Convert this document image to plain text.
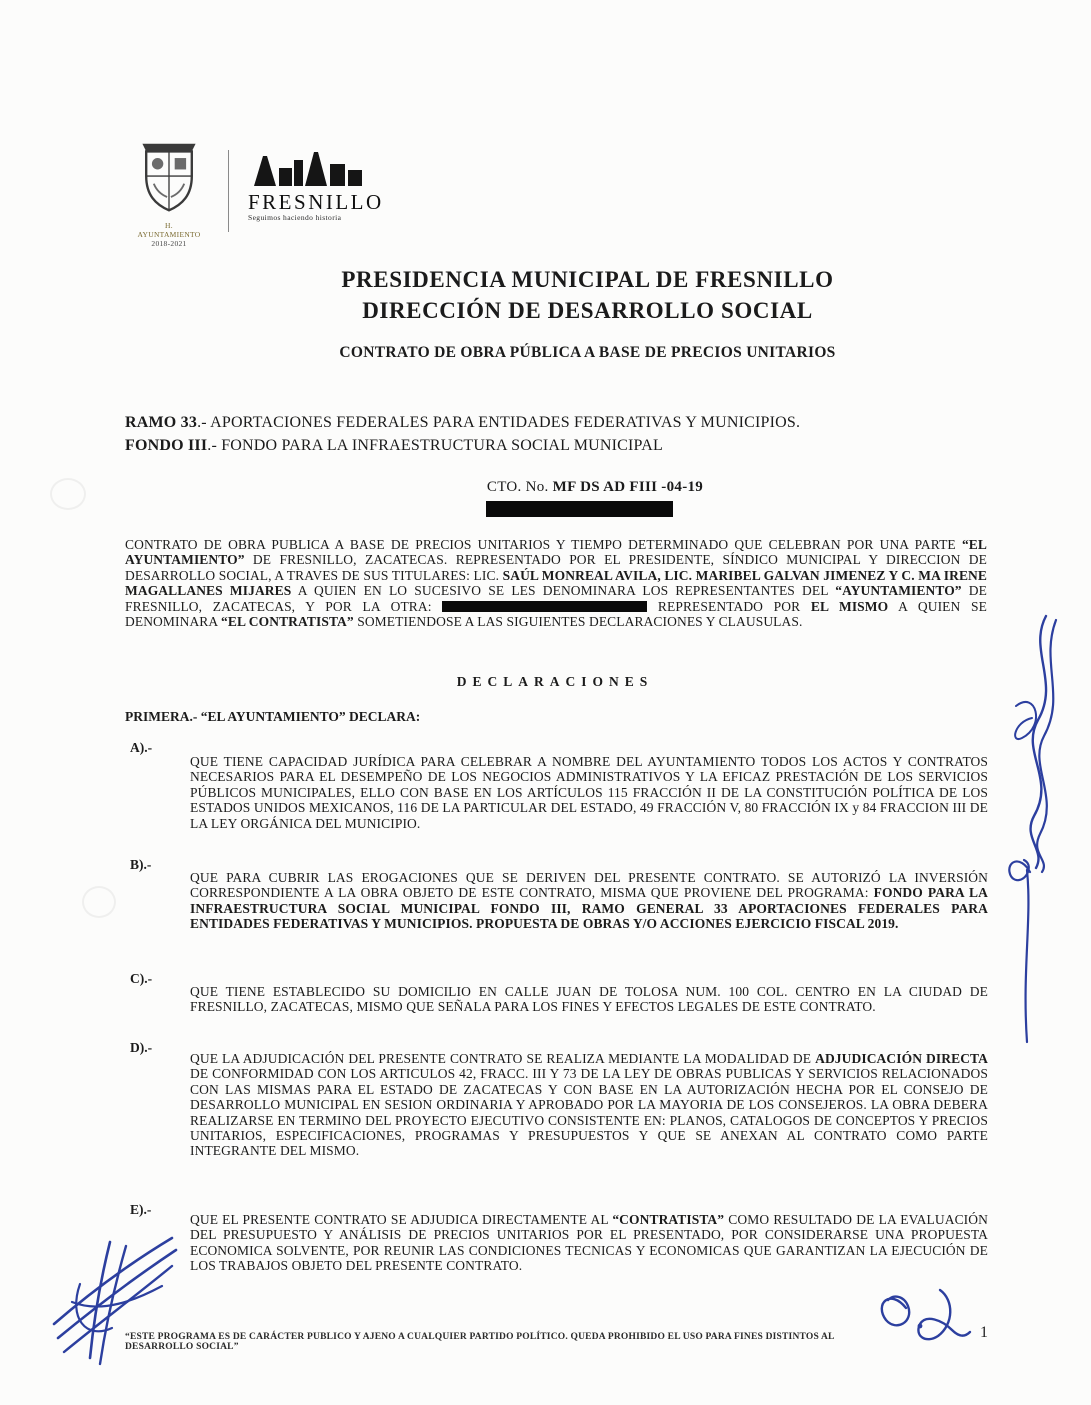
H. AYUNTAMIENTO
2018-2021
FRESNILLO
Seguimos haciendo historia
PRESIDENCIA MUNICIPAL DE FRESNILLO
DIRECCIÓN DE DESARROLLO SOCIAL
CONTRATO DE OBRA PÚBLICA A BASE DE PRECIOS UNITARIOS
RAMO 33.- APORTACIONES FEDERALES PARA ENTIDADES FEDERATIVAS Y MUNICIPIOS.
FONDO III.- FONDO PARA LA INFRAESTRUCTURA SOCIAL MUNICIPAL
CTO. No. MF DS AD FIII -04-19
CONTRATO DE OBRA PUBLICA A BASE DE PRECIOS UNITARIOS Y TIEMPO DETERMINADO QUE CELEBRAN POR UNA PARTE “EL AYUNTAMIENTO” DE FRESNILLO, ZACATECAS. REPRESENTADO POR EL PRESIDENTE, SÍNDICO MUNICIPAL Y DIRECCION DE DESARROLLO SOCIAL, A TRAVES DE SUS TITULARES: LIC. SAÚL MONREAL AVILA, LIC. MARIBEL GALVAN JIMENEZ Y C. MA IRENE MAGALLANES MIJARES A QUIEN EN LO SUCESIVO SE LES DENOMINARA LOS REPRESENTANTES DEL “AYUNTAMIENTO” DE FRESNILLO, ZACATECAS, Y POR LA OTRA:	REPRESENTADO POR EL MISMO A QUIEN SE DENOMINARA “EL CONTRATISTA” SOMETIENDOSE A LAS SIGUIENTES DECLARACIONES Y CLAUSULAS.
DECLARACIONES
PRIMERA.- “EL AYUNTAMIENTO” DECLARA:
A).-
QUE TIENE CAPACIDAD JURÍDICA PARA CELEBRAR A NOMBRE DEL AYUNTAMIENTO TODOS LOS ACTOS Y CONTRATOS NECESARIOS PARA EL DESEMPEÑO DE LOS NEGOCIOS ADMINISTRATIVOS Y LA EFICAZ PRESTACIÓN DE LOS SERVICIOS PÚBLICOS MUNICIPALES, ELLO CON BASE EN LOS ARTÍCULOS 115 FRACCIÓN II DE LA CONSTITUCIÓN POLÍTICA DE LOS ESTADOS UNIDOS MEXICANOS, 116 DE LA PARTICULAR DEL ESTADO, 49 FRACCIÓN V, 80 FRACCIÓN IX y 84 FRACCION III DE LA LEY ORGÁNICA DEL MUNICIPIO.
B).-
QUE PARA CUBRIR LAS EROGACIONES QUE SE DERIVEN DEL PRESENTE CONTRATO. SE AUTORIZÓ LA INVERSIÓN CORRESPONDIENTE A LA OBRA OBJETO DE ESTE CONTRATO, MISMA QUE PROVIENE DEL PROGRAMA: FONDO PARA LA INFRAESTRUCTURA SOCIAL MUNICIPAL FONDO III, RAMO GENERAL 33 APORTACIONES FEDERALES PARA ENTIDADES FEDERATIVAS Y MUNICIPIOS. PROPUESTA DE OBRAS Y/O ACCIONES EJERCICIO FISCAL 2019.
C).-
QUE TIENE ESTABLECIDO SU DOMICILIO EN CALLE JUAN DE TOLOSA NUM. 100 COL. CENTRO EN LA CIUDAD DE FRESNILLO, ZACATECAS, MISMO QUE SEÑALA PARA LOS FINES Y EFECTOS LEGALES DE ESTE CONTRATO.
D).-
QUE LA ADJUDICACIÓN DEL PRESENTE CONTRATO SE REALIZA MEDIANTE LA MODALIDAD DE ADJUDICACIÓN DIRECTA DE CONFORMIDAD CON LOS ARTICULOS 42, FRACC. III Y 73 DE LA LEY DE OBRAS PUBLICAS Y SERVICIOS RELACIONADOS CON LAS MISMAS PARA EL ESTADO DE ZACATECAS Y CON BASE EN LA AUTORIZACIÓN HECHA POR EL CONSEJO DE DESARROLLO MUNICIPAL EN SESION ORDINARIA Y APROBADO POR LA MAYORIA DE LOS CONSEJEROS. LA OBRA DEBERA REALIZARSE EN TERMINO DEL PROYECTO EJECUTIVO CONSISTENTE EN: PLANOS, CATALOGOS DE CONCEPTOS Y PRECIOS UNITARIOS, ESPECIFICACIONES, PROGRAMAS Y PRESUPUESTOS Y QUE SE ANEXAN AL CONTRATO COMO PARTE INTEGRANTE DEL MISMO.
E).-
QUE EL PRESENTE CONTRATO SE ADJUDICA DIRECTAMENTE AL “CONTRATISTA” COMO RESULTADO DE LA EVALUACIÓN DEL PRESUPUESTO Y ANÁLISIS DE PRECIOS UNITARIOS POR EL PRESENTADO, POR CONSIDERARSE UNA PROPUESTA ECONOMICA SOLVENTE, POR REUNIR LAS CONDICIONES TECNICAS Y ECONOMICAS QUE GARANTIZAN LA EJECUCIÓN DE LOS TRABAJOS OBJETO DEL PRESENTE CONTRATO.
“ESTE PROGRAMA ES DE CARÁCTER PUBLICO Y AJENO A CUALQUIER PARTIDO POLÍTICO. QUEDA PROHIBIDO EL USO PARA FINES DISTINTOS AL DESARROLLO SOCIAL”
1
